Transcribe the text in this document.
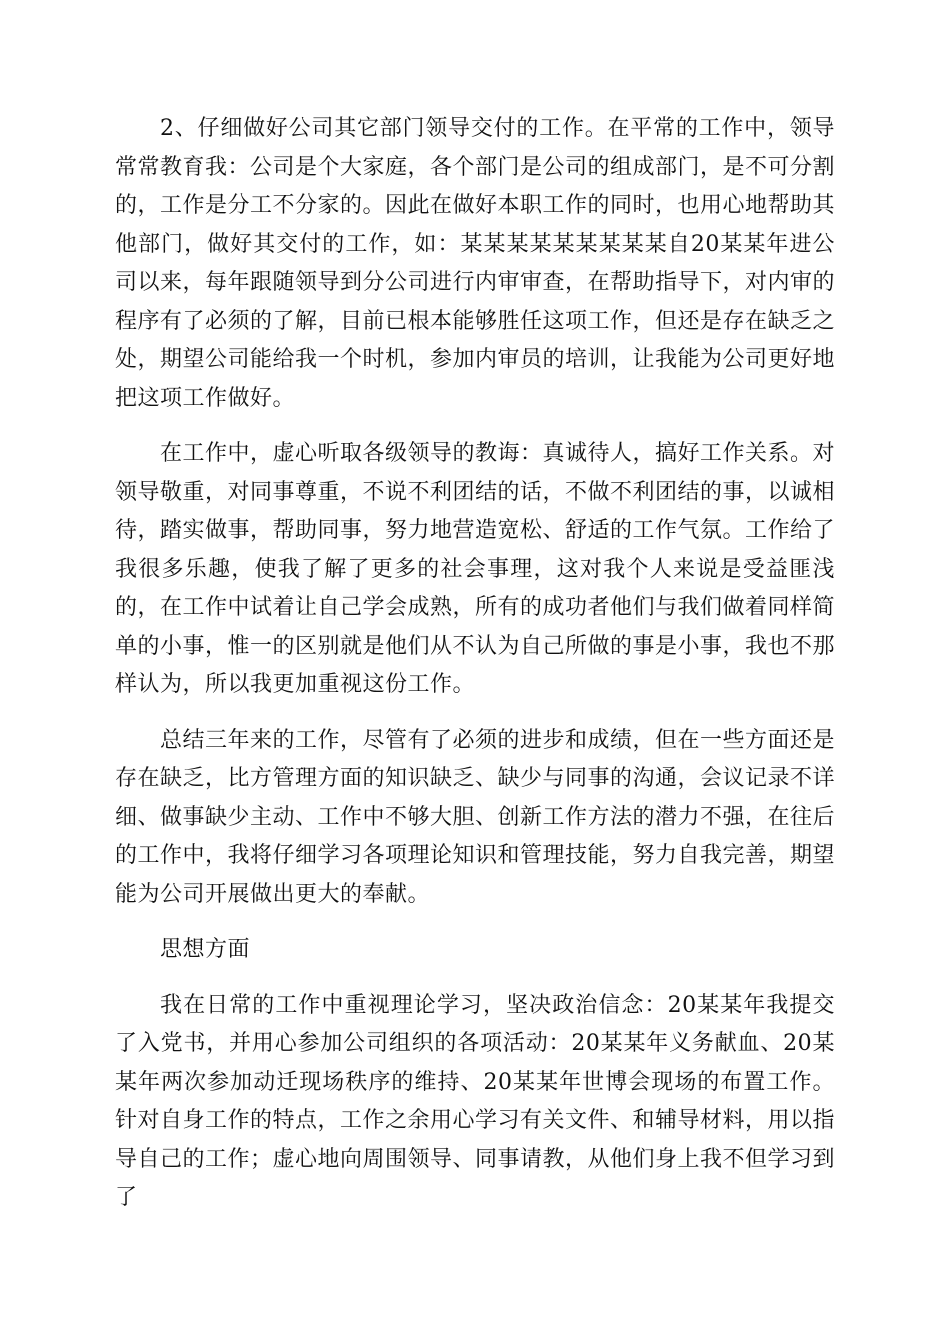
2、仔细做好公司其它部门领导交付的工作。在平常的工作中，领导常常教育我：公司是个大家庭，各个部门是公司的组成部门，是不可分割的，工作是分工不分家的。因此在做好本职工作的同时，也用心地帮助其他部门，做好其交付的工作，如：某某某某某某某某某自20某某年进公司以来，每年跟随领导到分公司进行内审审查，在帮助指导下，对内审的程序有了必须的了解，目前已根本能够胜任这项工作，但还是存在缺乏之处，期望公司能给我一个时机，参加内审员的培训，让我能为公司更好地把这项工作做好。

在工作中，虚心听取各级领导的教诲：真诚待人，搞好工作关系。对领导敬重，对同事尊重，不说不利团结的话，不做不利团结的事，以诚相待，踏实做事，帮助同事，努力地营造宽松、舒适的工作气氛。工作给了我很多乐趣，使我了解了更多的社会事理，这对我个人来说是受益匪浅的，在工作中试着让自己学会成熟，所有的成功者他们与我们做着同样简单的小事，惟一的区别就是他们从不认为自己所做的事是小事，我也不那样认为，所以我更加重视这份工作。

总结三年来的工作，尽管有了必须的进步和成绩，但在一些方面还是存在缺乏，比方管理方面的知识缺乏、缺少与同事的沟通，会议记录不详细、做事缺少主动、工作中不够大胆、创新工作方法的潜力不强，在往后的工作中，我将仔细学习各项理论知识和管理技能，努力自我完善，期望能为公司开展做出更大的奉献。

思想方面

我在日常的工作中重视理论学习，坚决政治信念：20某某年我提交了入党书，并用心参加公司组织的各项活动：20某某年义务献血、20某某年两次参加动迁现场秩序的维持、20某某年世博会现场的布置工作。针对自身工作的特点，工作之余用心学习有关文件、和辅导材料，用以指导自己的工作；虚心地向周围领导、同事请教，从他们身上我不但学习到了
